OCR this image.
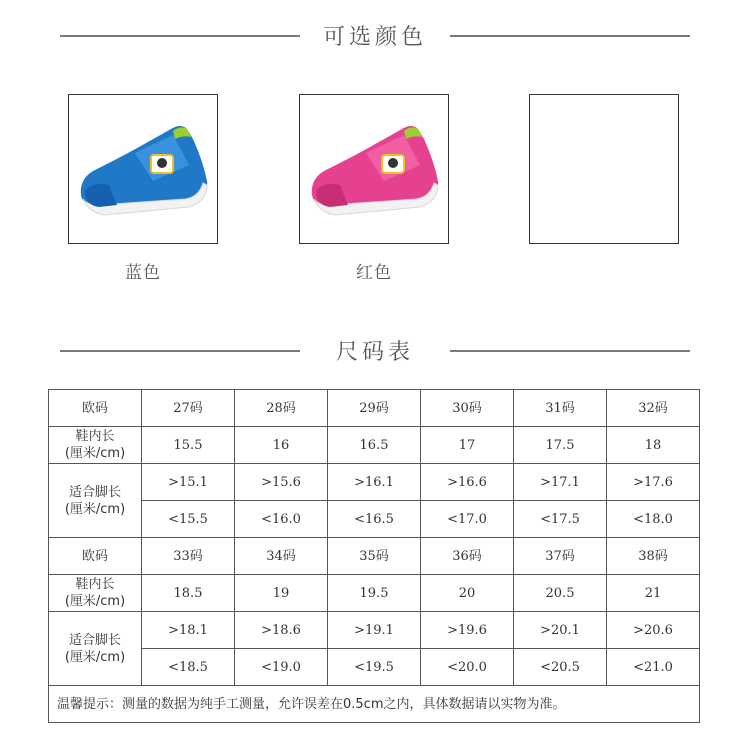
可选颜色
蓝色	红色
尺码表
欧码	27码	28码	29码	30码	31码	32码
鞋内长
(厘米/cm)	15.5	16	16.5	17	17.5	18
适合脚长
(厘米/cm)	>15.1	>15.6	>16.1	>16.6	>17.1	>17.6
	<15.5	<16.0	<16.5	<17.0	<17.5	<18.0
欧码	33码	34码	35码	36码	37码	38码
鞋内长
(厘米/cm)	18.5	19	19.5	20	20.5	21
适合脚长
(厘米/cm)	>18.1	>18.6	>19.1	>19.6	>20.1	>20.6
	<18.5	<19.0	<19.5	<20.0	<20.5	<21.0
温馨提示：测量的数据为纯手工测量，允许误差在0.5cm之内，具体数据请以实物为准。						
